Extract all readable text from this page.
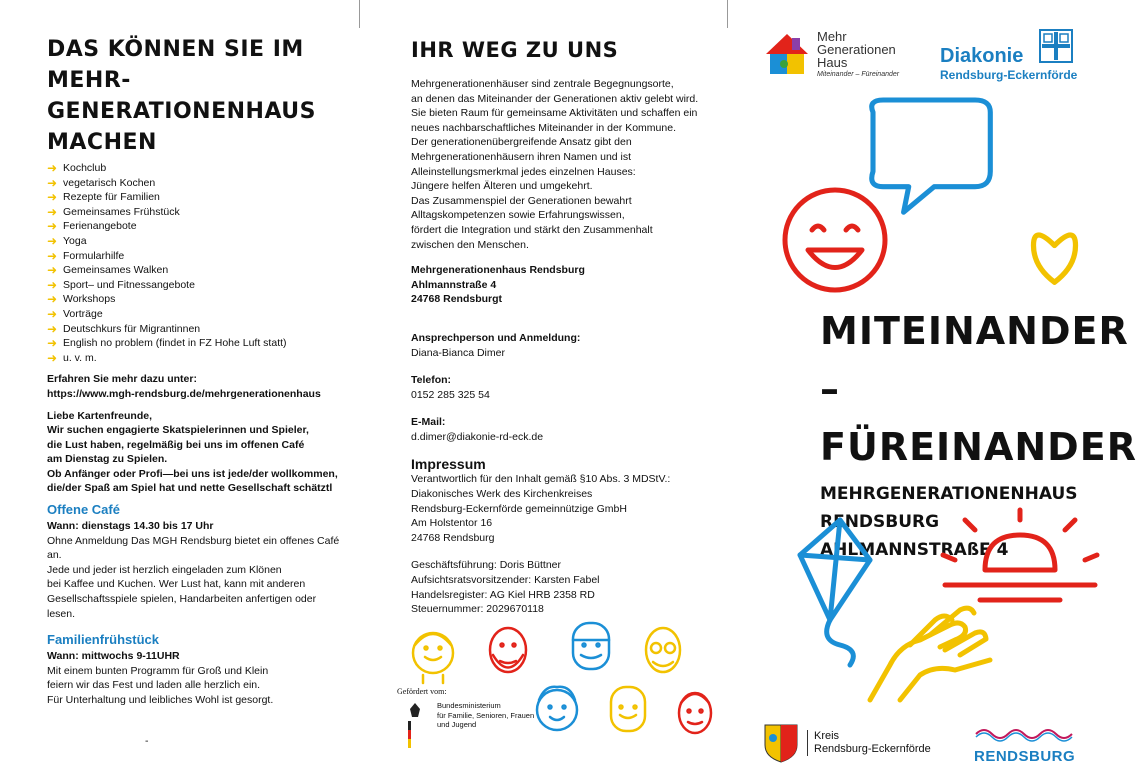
DAS KÖNNEN SIE IM MEHR-GENERATIONENHAUS MACHEN
➜ Kochclub
➜ vegetarisch Kochen
➜ Rezepte für Familien
➜ Gemeinsames Frühstück
➜ Ferienangebote
➜ Yoga
➜ Formularhilfe
➜ Gemeinsames Walken
➜ Sport– und Fitnessangebote
➜ Workshops
➜ Vorträge
➜ Deutschkurs für Migrantinnen
➜ English no problem (findet in FZ Hohe Luft statt)
➜ u. v. m.

Erfahren Sie mehr dazu unter:

https://www.mgh-rendsburg.de/mehrgenerationenhaus

Liebe Kartenfreunde,

Wir suchen engagierte Skatspielerinnen und Spieler,

die Lust haben, regelmäßig bei uns im offenen Café

am Dienstag zu Spielen.

Ob Anfänger oder Profi—bei uns ist jede/der wollkommen,

die/der Spaß am Spiel hat und nette Gesellschaft schätztl

Offene Café

Wann: dienstags 14.30 bis 17 Uhr

Ohne Anmeldung Das MGH Rendsburg bietet ein offenes Café an.

Jede und jeder ist herzlich eingeladen zum Klönen

bei Kaffee und Kuchen. Wer Lust hat, kann mit anderen

Gesellschaftsspiele spielen, Handarbeiten anfertigen oder lesen.

Familienfrühstück

Wann: mittwochs 9-11UHR

Mit einem bunten Programm für Groß und Klein

feiern wir das Fest und laden alle herzlich ein.

Für Unterhaltung und leibliches Wohl ist gesorgt.

-

IHR WEG ZU UNS

Mehrgenerationenhäuser sind zentrale Begegnungsorte,

an denen das Miteinander der Generationen aktiv gelebt wird.

Sie bieten Raum für gemeinsame Aktivitäten und schaffen ein

neues nachbarschaftliches Miteinander in der Kommune.

Der generationenübergreifende Ansatz gibt den

Mehrgenerationenhäusern ihren Namen und ist

Alleinstellungsmerkmal jedes einzelnen Hauses:

Jüngere helfen Älteren und umgekehrt.

Das Zusammenspiel der Generationen bewahrt

Alltagskompetenzen sowie Erfahrungswissen,

fördert die Integration und stärkt den Zusammenhalt

zwischen den Menschen.

Mehrgenerationenhaus Rendsburg

Ahlmannstraße 4

24768 Rendsburgt

Ansprechperson und Anmeldung:

Diana-Bianca Dimer

Telefon:

0152 285 325 54

E-Mail:

d.dimer@diakonie-rd-eck.de

Impressum

Verantwortlich für den Inhalt gemäß §10 Abs. 3 MDStV.:

Diakonisches Werk des Kirchenkreises

Rendsburg-Eckernförde gemeinnützige GmbH

Am Holstentor 16

24768 Rendsburg

Geschäftsführung: Doris Büttner

Aufsichtsratsvorsitzender: Karsten Fabel

Handelsregister: AG Kiel HRB 2358 RD

Steuernummer: 2029670118

Gefördert vom:

Bundesministerium

für Familie, Senioren, Frauen

und Jugend

Mehr

Generationen

Haus

Miteinander – Füreinander
Diakonie
Rendsburg-Eckernförde
MITEINANDER –
FÜREINANDER
MEHRGENERATIONENHAUS
RENDSBURG
AHLMANNSTRAßE 4
Kreis
Rendsburg-Eckernförde	RENDSBURG
